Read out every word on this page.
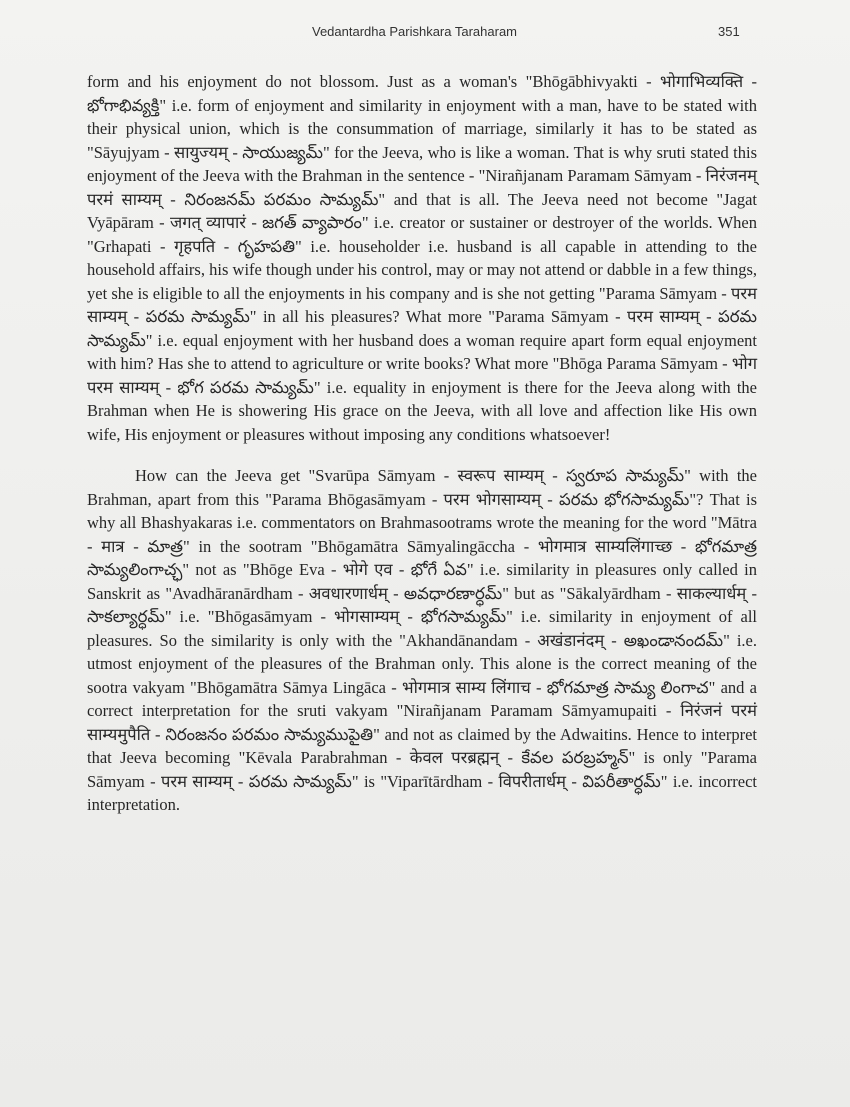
Vedantardha Parishkara Taraharam	351

form and his enjoyment do not blossom. Just as a woman's "Bhōgābhivyakti - भोगाभिव्यक्ति - భోగాభివ్యక్తి" i.e. form of enjoyment and similarity in enjoyment with a man, have to be stated with their physical union, which is the consummation of marriage, similarly it has to be stated as "Sāyujyam - सायुज्यम् - సాయుజ్యమ్" for the Jeeva, who is like a woman. That is why sruti stated this enjoyment of the Jeeva with the Brahman in the sentence - "Nirañjanam Paramam Sāmyam - निरंजनम् परमं साम्यम् - నిరంజనమ్ పరమం సామ్యమ్" and that is all. The Jeeva need not become "Jagat Vyāpāram - जगत् व्यापारं - జగత్ వ్యాపారం" i.e. creator or sustainer or destroyer of the worlds. When "Grhapati - गृहपति - గృహపతి" i.e. householder i.e. husband is all capable in attending to the household affairs, his wife though under his control, may or may not attend or dabble in a few things, yet she is eligible to all the enjoyments in his company and is she not getting "Parama Sāmyam - परम साम्यम् - పరమ సామ్యమ్" in all his pleasures? What more "Parama Sāmyam - परम साम्यम् - పరమ సామ్యమ్" i.e. equal enjoyment with her husband does a woman require apart form equal enjoyment with him? Has she to attend to agriculture or write books? What more "Bhōga Parama Sāmyam - भोग परम साम्यम् - భోగ పరమ సామ్యమ్" i.e. equality in enjoyment is there for the Jeeva along with the Brahman when He is showering His grace on the Jeeva, with all love and affection like His own wife, His enjoyment or pleasures without imposing any conditions whatsoever!

How can the Jeeva get "Svarūpa Sāmyam - स्वरूप साम्यम् - స్వరూప సామ్యమ్" with the Brahman, apart from this "Parama Bhōgasāmyam - परम भोगसाम्यम् - పరమ భోగసామ్యమ్"? That is why all Bhashyakaras i.e. commentators on Brahmasootrams wrote the meaning for the word "Mātra - मात्र - మాత్ర" in the sootram "Bhōgamātra Sāmyalingāccha - भोगमात्र साम्यलिंगाच्छ - భోగమాత్ర సామ్యలింగాచ్ఛ" not as "Bhōge Eva - भोगे एव - భోగే ఏవ" i.e. similarity in pleasures only called in Sanskrit as "Avadhāranārdham - अवधारणार्धम् - అవధారణార్ధమ్" but as "Sākalyārdham - साकल्यार्धम् - సాకల్యార్ధమ్" i.e. "Bhōgasāmyam - भोगसाम्यम् - భోగసామ్యమ్" i.e. similarity in enjoyment of all pleasures. So the similarity is only with the "Akhandānandam - अखंडानंदम् - అఖండానందమ్" i.e. utmost enjoyment of the pleasures of the Brahman only. This alone is the correct meaning of the sootra vakyam "Bhōgamātra Sāmya Lingāca - भोगमात्र साम्य लिंगाच - భోగమాత్ర సామ్య లింగాచ" and a correct interpretation for the sruti vakyam "Nirañjanam Paramam Sāmyamupaiti - निरंजनं परमं साम्यमुपैति - నిరంజనం పరమం సామ్యముపైతి" and not as claimed by the Adwaitins. Hence to interpret that Jeeva becoming "Kēvala Parabrahman - केवल परब्रह्मन् - కేవల పరబ్రహ్మన్" is only "Parama Sāmyam - परम साम्यम् - పరమ సామ్యమ్" is "Viparītārdham - विपरीतार्धम् - విపరీతార్ధమ్" i.e. incorrect interpretation.
